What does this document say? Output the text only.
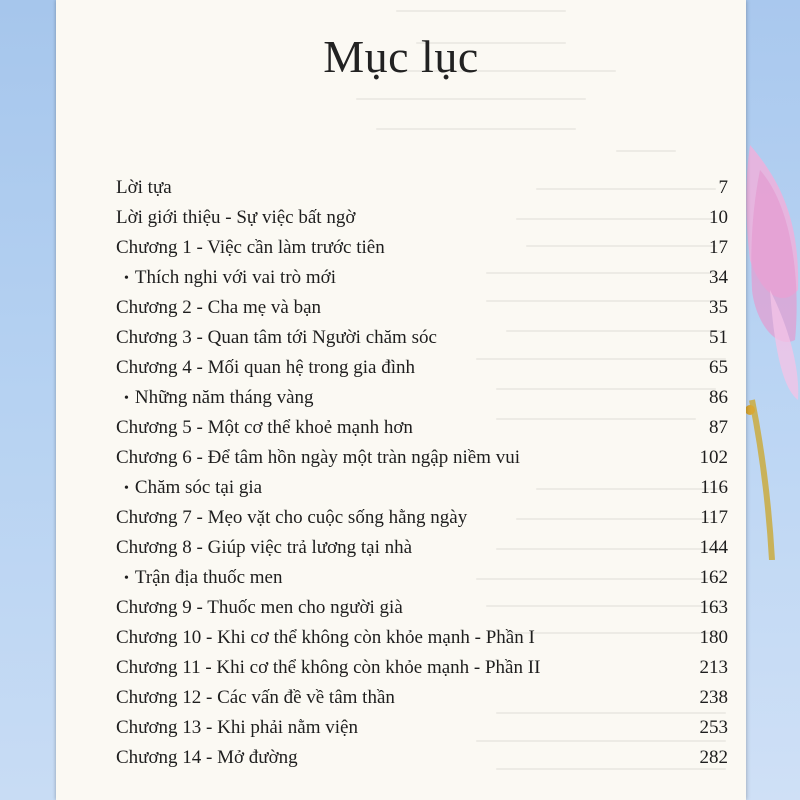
Mục lục
Lời tựa	7
Lời giới thiệu - Sự việc bất ngờ	10
Chương 1 - Việc cần làm trước tiên	17
• Thích nghi với vai trò mới	34
Chương 2 - Cha mẹ và bạn	35
Chương 3 - Quan tâm tới Người chăm sóc	51
Chương 4 - Mối quan hệ trong gia đình	65
• Những năm tháng vàng	86
Chương 5 - Một cơ thể khoẻ mạnh hơn	87
Chương 6 - Để tâm hồn ngày một tràn ngập niềm vui	102
• Chăm sóc tại gia	116
Chương 7 - Mẹo vặt cho cuộc sống hằng ngày	117
Chương 8 - Giúp việc trả lương tại nhà	144
• Trận địa thuốc men	162
Chương 9 - Thuốc men cho người già	163
Chương 10 - Khi cơ thể không còn khỏe mạnh - Phần I	180
Chương 11 - Khi cơ thể không còn khỏe mạnh - Phần II	213
Chương 12 - Các vấn đề về tâm thần	238
Chương 13 - Khi phải nằm viện	253
Chương 14 - Mở đường	282
